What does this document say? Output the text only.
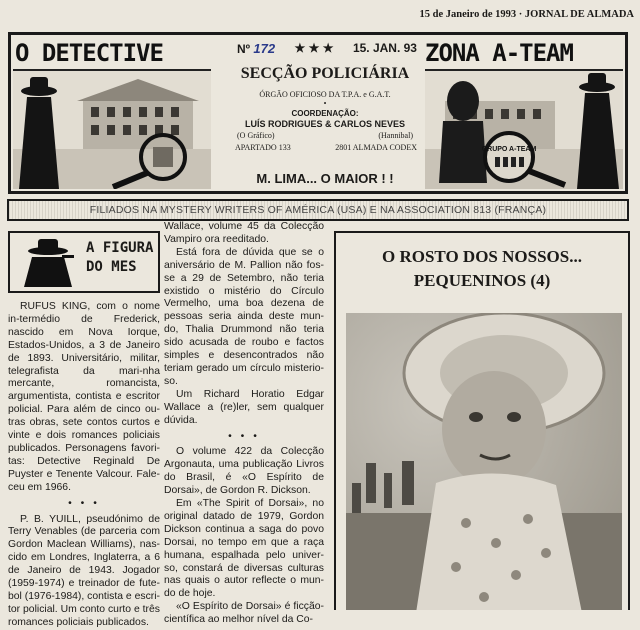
15 de Janeiro de 1993 · JORNAL DE ALMADA
O DETECTIVE	ZONA A-TEAM
GRUPO A-TEAM
Nº 172 ★ ★ ★ 15. JAN. 93
SECÇÃO POLICIÁRIA
ÓRGÃO OFICIOSO DA T.P.A. e G.A.T.
•
COORDENAÇÃO:
LUÍS RODRIGUES & CARLOS NEVES
(O Gráfico)	(Hannibal)
APARTADO 133	2801 ALMADA CODEX
M. LIMA... O MAIOR ! !
FILIADOS NA MYSTERY WRITERS OF AMÉRICA (USA) E NA ASSOCIATION 813 (FRANÇA)
A FIGURA
DO MES

RUFUS KING, com o nome in-termédio de Frederick, nascido em Nova Iorque, Estados-Unidos, a 3 de Janeiro de 1893. Universitário, militar, telegrafista da mari-nha mercante, romancista, argumentista, contista e escritor policial. Para além de cinco ou-tras obras, sete contos curtos e vinte e dois romances policiais publicados. Personagens favori-tas: Detective Reginald De Puyster e Tenente Valcour. Fale-ceu em 1966.

• • •

P. B. YUILL, pseudónimo de Terry Venables (de parceria com Gordon Maclean Williams), nas-cido em Londres, Inglaterra, a 6 de Janeiro de 1943. Jogador (1959-1974) e treinador de fute-bol (1976-1984), contista e escri-tor policial. Um conto curto e três romances policiais publicados.

Wallace, volume 45 da Colecção Vampiro ora reeditado.

Está fora de dúvida que se o aniversário de M. Pallion não fos-se a 29 de Setembro, não teria existido o mistério do Círculo Vermelho, uma boa dezena de pessoas seria ainda deste mun-do, Thalia Drummond não teria sido acusada de roubo e factos simples e desencontrados não teriam gerado um círculo misterio-so.

Um Richard Horatio Edgar Wallace a (re)ler, sem qualquer dúvida.

• • •

O volume 422 da Colecção Argonauta, uma publicação Livros do Brasil, é «O Espírito de Dorsai», de Gordon R. Dickson.

Em «The Spirit of Dorsai», no original datado de 1979, Gordon Dickson continua a saga do povo Dorsai, no tempo em que a raça humana, espalhada pelo univer-so, constará de diversas culturas nas quais o autor reflecte o mun-do de hoje.

«O Espírito de Dorsai» é ficção-científica ao melhor nível da Co-

O ROSTO DOS NOSSOS...
PEQUENINOS (4)
